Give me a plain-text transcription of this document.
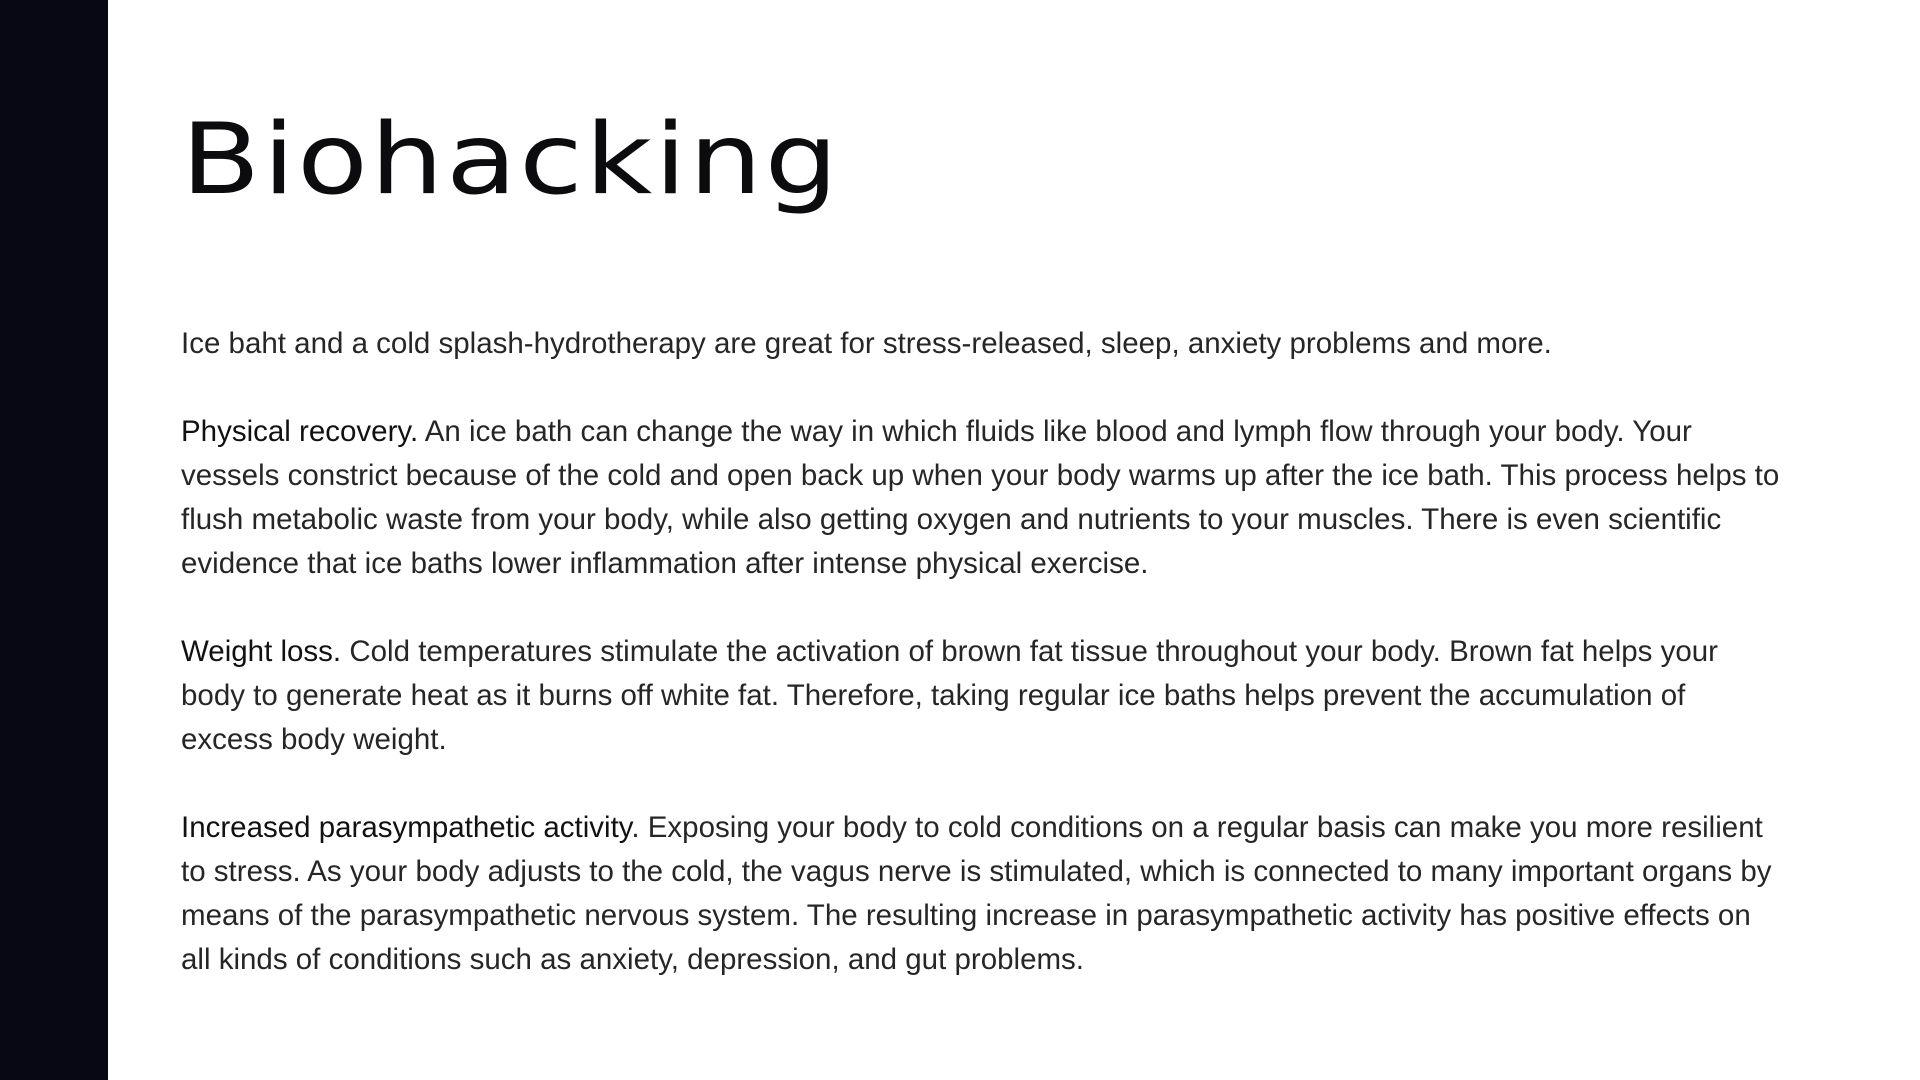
Biohacking

Ice baht and a cold splash-hydrotherapy are great for stress-released, sleep, anxiety problems and more.

Physical recovery. An ice bath can change the way in which fluids like blood and lymph flow through your body. Your vessels constrict because of the cold and open back up when your body warms up after the ice bath. This process helps to flush metabolic waste from your body, while also getting oxygen and nutrients to your muscles. There is even scientific evidence that ice baths lower inflammation after intense physical exercise.

Weight loss. Cold temperatures stimulate the activation of brown fat tissue throughout your body. Brown fat helps your body to generate heat as it burns off white fat. Therefore, taking regular ice baths helps prevent the accumulation of excess body weight.

Increased parasympathetic activity. Exposing your body to cold conditions on a regular basis can make you more resilient to stress. As your body adjusts to the cold, the vagus nerve is stimulated, which is connected to many important organs by means of the parasympathetic nervous system. The resulting increase in parasympathetic activity has positive effects on all kinds of conditions such as anxiety, depression, and gut problems.
